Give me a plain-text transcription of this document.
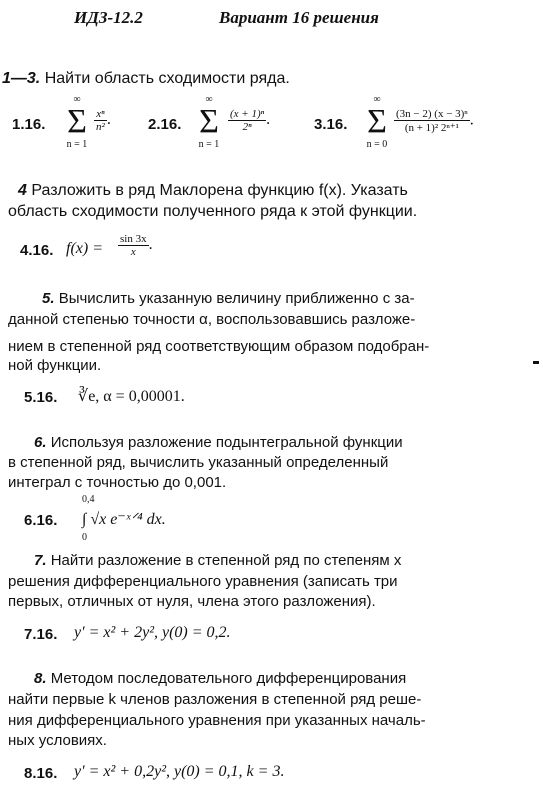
ИДЗ-12.2	Вариант 16 решения
1—3. Найти область сходимости ряда.
1.16.
∞
Σ
n = 1
$\frac{\text{xⁿ}}{\text{n²}}$ . 2.16.
∞
Σ
n = 1
$\frac{\text{(x + 1)ⁿ}}{\text{2ⁿ}}$ .	3.16.
∞
Σ
n = 0
$\frac{\text{(3n − 2) (x − 3)ⁿ}}{\text{(n + 1)² 2ⁿ⁺¹}}$ .
4 Разложить в ряд Маклорена функцию f(x). Указать
область сходимости полученного ряда к этой функции.
4.16. $f(x) = \frac{\sin 3x}{x}$ .
5. Вычислить указанную величину приближенно с за-
данной степенью точности α, воспользовавшись разложе-
нием в степенной ряд соответствующим образом подобран-
ной функции.
5.16. ∛e, α = 0,00001.
6. Используя разложение подынтегральной функции
в степенной ряд, вычислить указанный определенный
интеграл с точностью до 0,001.
6.16.
0,4
0
∫ √x e⁻ˣᐟ⁴ dx.
7. Найти разложение в степенной ряд по степеням x
решения дифференциального уравнения (записать три
первых, отличных от нуля, члена этого разложения).
7.16. y′ = x² + 2y², y(0) = 0,2.
8. Методом последовательного дифференцирования
найти первые k членов разложения в степенной ряд реше-
ния дифференциального уравнения при указанных началь-
ных условиях.
8.16. y′ = x² + 0,2y², y(0) = 0,1, k = 3.
